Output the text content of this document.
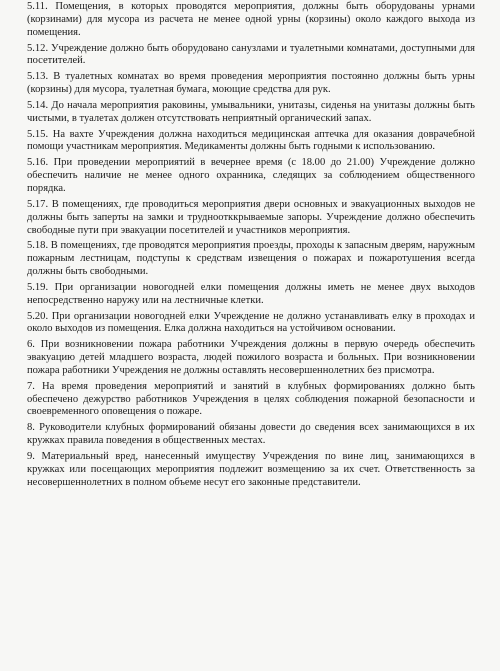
5.11. Помещения, в которых проводятся мероприятия, должны быть оборудованы урнами (корзинами) для мусора из расчета не менее одной урны (корзины) около каждого выхода из помещения.

5.12. Учреждение должно быть оборудовано санузлами и туалетными комнатами, доступными для посетителей.

5.13. В туалетных комнатах во время проведения мероприятия постоянно должны быть урны (корзины) для мусора, туалетная бумага, моющие средства для рук.

5.14. До начала мероприятия раковины, умывальники, унитазы, сиденья на унитазы должны быть чистыми, в туалетах должен отсутствовать неприятный органический запах.

5.15. На вахте Учреждения должна находиться медицинская аптечка для оказания доврачебной помощи участникам мероприятия. Медикаменты должны быть годными к использованию.

5.16. При проведении мероприятий в вечернее время (с 18.00 до 21.00) Учреждение должно обеспечить наличие не менее одного охранника, следящих за соблюдением общественного порядка.

5.17. В помещениях, где проводиться мероприятия двери основных и эвакуационных выходов не должны быть заперты на замки и трудноотккрываемые запоры. Учреждение должно обеспечить свободные пути при эвакуации посетителей и участников мероприятия.

5.18. В помещениях, где проводятся мероприятия проезды, проходы к запасным дверям, наружным пожарным лестницам, подступы к средствам извещения о пожарах и пожаротушения всегда должны быть свободными.

5.19. При организации новогодней елки помещения должны иметь не менее двух выходов непосредственно наружу или на лестничные клетки.

5.20. При организации новогодней елки Учреждение не должно устанавливать елку в проходах и около выходов из помещения. Елка должна находиться на устойчивом основании.

6. При возникновении пожара работники Учреждения должны в первую очередь обеспечить эвакуацию детей младшего возраста, людей пожилого возраста и больных. При возникновении пожара работники Учреждения не должны оставлять несовершеннолетних без присмотра.

7. На время проведения мероприятий и занятий в клубных формированиях должно быть обеспечено дежурство работников Учреждения в целях соблюдения пожарной безопасности и своевременного оповещения о пожаре.

8. Руководители клубных формирований обязаны довести до сведения всех занимающихся в их кружках правила поведения в общественных местах.

9. Материальный вред, нанесенный имуществу Учреждения по вине лиц, занимающихся в кружках или посещающих мероприятия подлежит возмещению за их счет. Ответственность за несовершеннолетних в полном объеме несут его законные представители.
